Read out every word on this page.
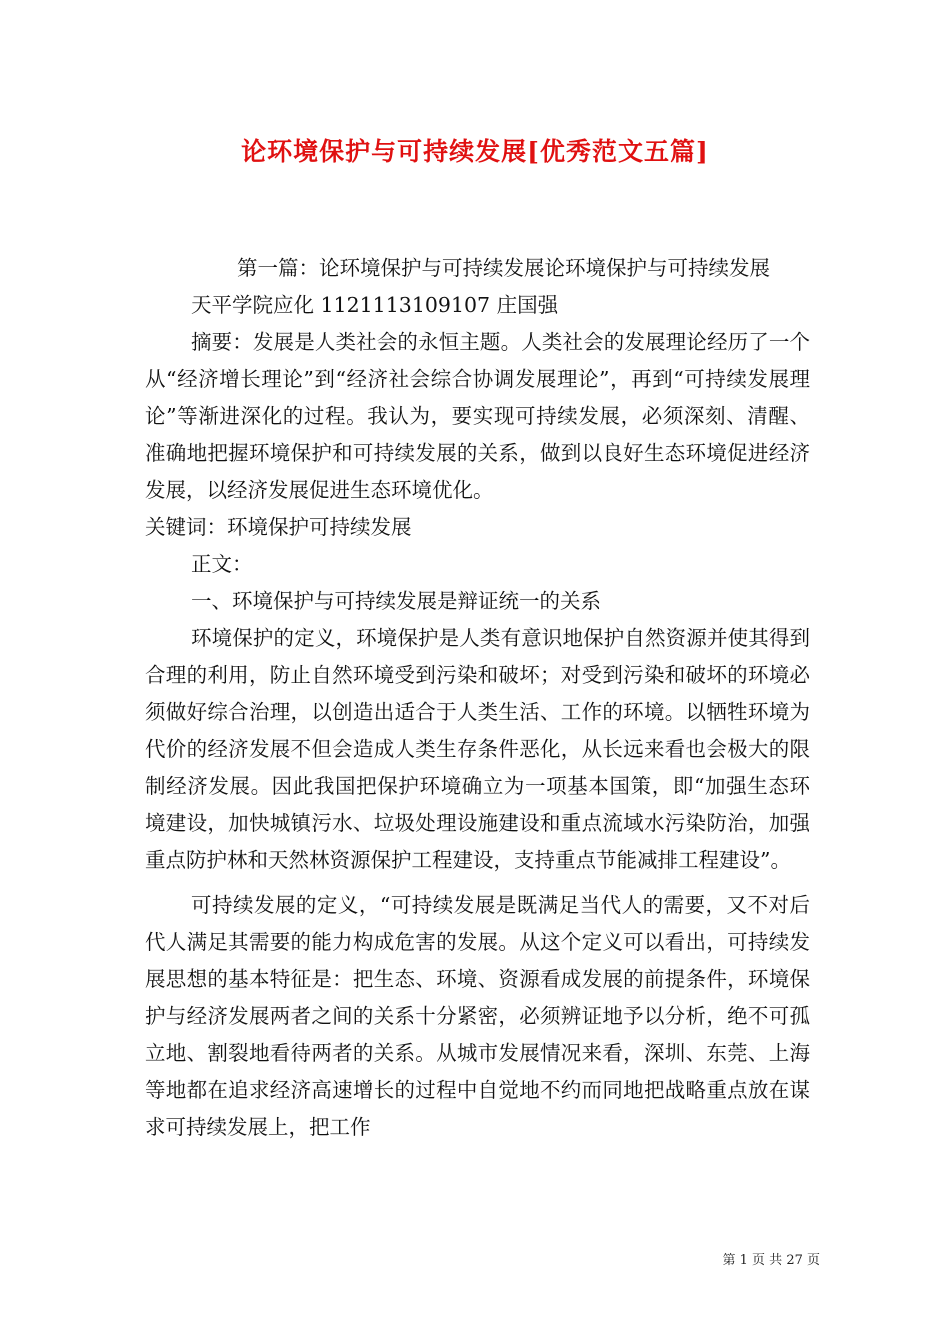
论环境保护与可持续发展[优秀范文五篇]

第一篇：论环境保护与可持续发展论环境保护与可持续发展

天平学院应化 1121113109107 庄国强

摘要：发展是人类社会的永恒主题。人类社会的发展理论经历了一个从“经济增长理论”到“经济社会综合协调发展理论”，再到“可持续发展理论”等渐进深化的过程。我认为，要实现可持续发展，必须深刻、清醒、准确地把握环境保护和可持续发展的关系，做到以良好生态环境促进经济发展，以经济发展促进生态环境优化。

关键词：环境保护可持续发展

正文：

一、环境保护与可持续发展是辩证统一的关系

环境保护的定义，环境保护是人类有意识地保护自然资源并使其得到合理的利用，防止自然环境受到污染和破坏；对受到污染和破坏的环境必须做好综合治理，以创造出适合于人类生活、工作的环境。以牺牲环境为代价的经济发展不但会造成人类生存条件恶化，从长远来看也会极大的限制经济发展。因此我国把保护环境确立为一项基本国策，即“加强生态环境建设，加快城镇污水、垃圾处理设施建设和重点流域水污染防治，加强重点防护林和天然林资源保护工程建设，支持重点节能减排工程建设”。

可持续发展的定义，“可持续发展是既满足当代人的需要，又不对后代人满足其需要的能力构成危害的发展。从这个定义可以看出，可持续发展思想的基本特征是：把生态、环境、资源看成发展的前提条件，环境保护与经济发展两者之间的关系十分紧密，必须辨证地予以分析，绝不可孤立地、割裂地看待两者的关系。从城市发展情况来看，深圳、东莞、上海等地都在追求经济高速增长的过程中自觉地不约而同地把战略重点放在谋求可持续发展上，把工作

第 1 页 共 27 页
